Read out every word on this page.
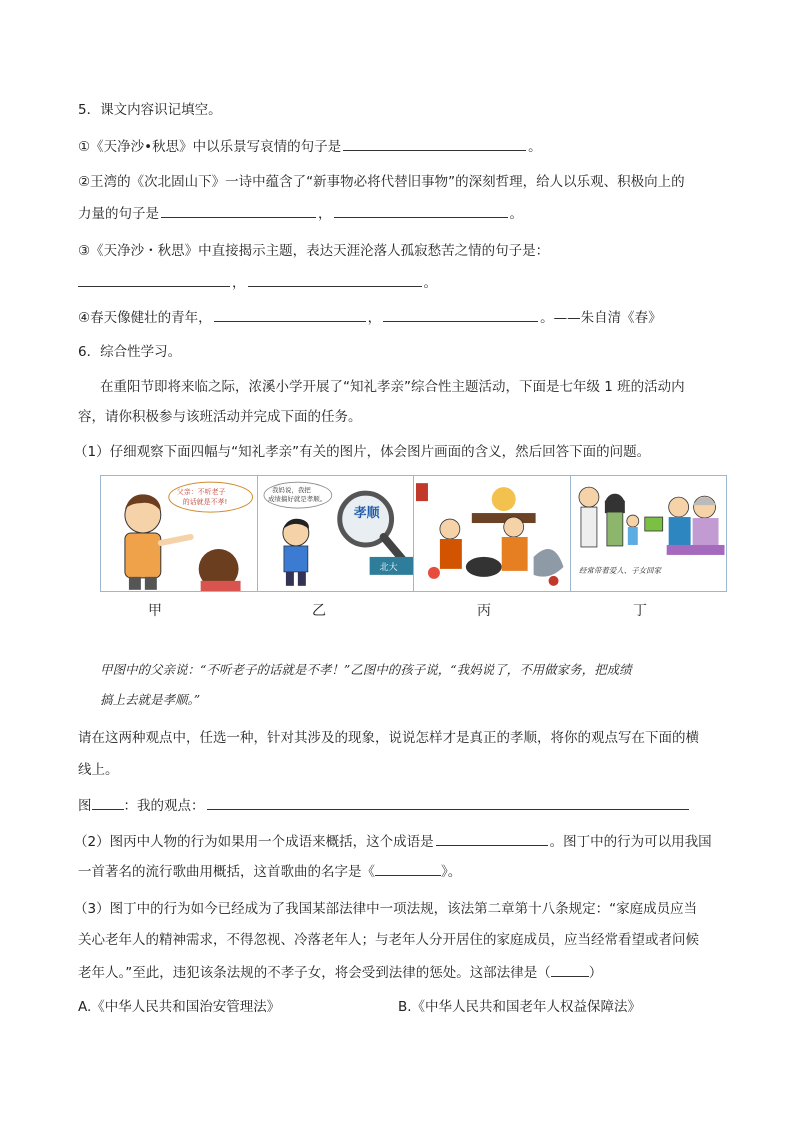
5．课文内容识记填空。
①《天净沙•秋思》中以乐景写哀情的句子是	。
②王湾的《次北固山下》一诗中蕴含了“新事物必将代替旧事物”的深刻哲理，给人以乐观、积极向上的
力量的句子是	，	。
③《天净沙・秋思》中直接揭示主题，表达天涯沦落人孤寂愁苦之情的句子是：
，	。
④春天像健壮的青年，	，	。——朱自清《春》
6．综合性学习。
在重阳节即将来临之际，浓溪小学开展了“知礼孝亲”综合性主题活动，下面是七年级 1 班的活动内
容，请你积极参与该班活动并完成下面的任务。
（1）仔细观察下面四幅与“知礼孝亲”有关的图片，体会图片画面的含义，然后回答下面的问题。
父亲：不听老子
的话就是不孝!
我妈说，我把
成绩搞好就是孝顺。
孝顺
北大	经常带着爱人、子女回家
甲	乙	丙	丁
甲图中的父亲说：“不听老子的话就是不孝！”乙图中的孩子说，“我妈说了，不用做家务，把成绩
搞上去就是孝顺。”
请在这两种观点中，任选一种，针对其涉及的现象，说说怎样才是真正的孝顺，将你的观点写在下面的横
线上。
图 ：我的观点：
（2）图丙中人物的行为如果用一个成语来概括，这个成语是	。图丁中的行为可以用我国
一首著名的流行歌曲用概括，这首歌曲的名字是《	》。
（3）图丁中的行为如今已经成为了我国某部法律中一项法规，该法第二章第十八条规定：“家庭成员应当
关心老年人的精神需求，不得忽视、冷落老年人；与老年人分开居住的家庭成员，应当经常看望或者问候
老年人。”至此，违犯该条法规的不孝子女，将会受到法律的惩处。这部法律是（	）
A.《中华人民共和国治安管理法》	B.《中华人民共和国老年人权益保障法》
